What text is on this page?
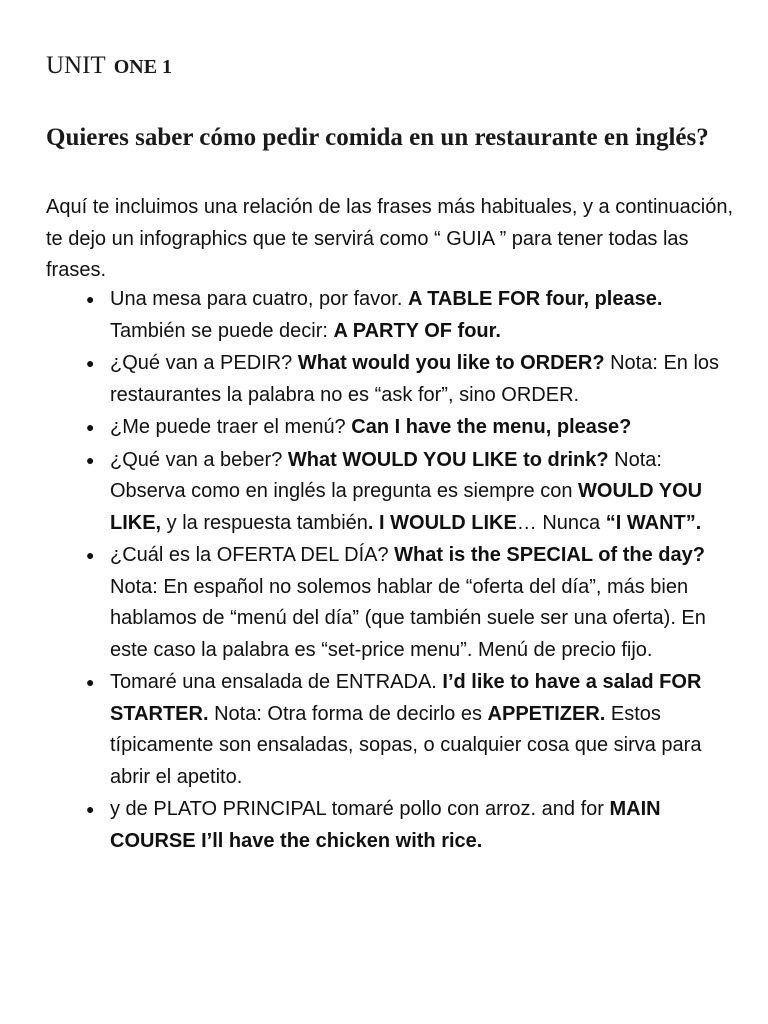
UNIT ONE 1
Quieres saber cómo pedir comida en un restaurante en inglés?

Aquí te incluimos una relación de las frases más habituales, y a continuación, te dejo un infographics que te servirá como “ GUIA ” para tener todas las frases.

● Una mesa para cuatro, por favor. A TABLE FOR four, please. También se puede decir: A PARTY OF four.
● ¿Qué van a PEDIR? What would you like to ORDER? Nota: En los restaurantes la palabra no es “ask for”, sino ORDER.
● ¿Me puede traer el menú? Can I have the menu, please?
● ¿Qué van a beber? What WOULD YOU LIKE to drink? Nota: Observa como en inglés la pregunta es siempre con WOULD YOU LIKE, y la respuesta también. I WOULD LIKE… Nunca “I WANT”.
● ¿Cuál es la OFERTA DEL DÍA? What is the SPECIAL of the day? Nota: En español no solemos hablar de “oferta del día”, más bien hablamos de “menú del día” (que también suele ser una oferta). En este caso la palabra es “set-price menu”. Menú de precio fijo.
● Tomaré una ensalada de ENTRADA. I’d like to have a salad FOR STARTER. Nota: Otra forma de decirlo es APPETIZER. Estos típicamente son ensaladas, sopas, o cualquier cosa que sirva para abrir el apetito.
● y de PLATO PRINCIPAL tomaré pollo con arroz. and for MAIN COURSE I’ll have the chicken with rice.
